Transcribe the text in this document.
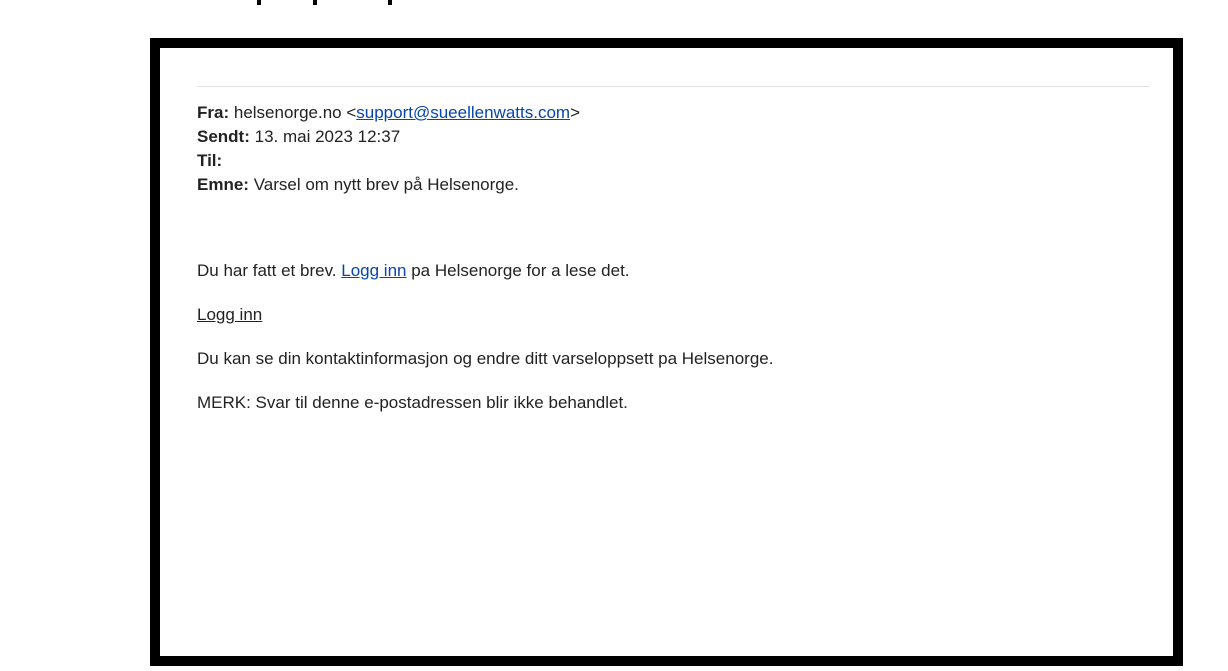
Fra: helsenorge.no <support@sueellenwatts.com>
Sendt: 13. mai 2023 12:37
Til:
Emne: Varsel om nytt brev på Helsenorge.
Du har fatt et brev. Logg inn pa Helsenorge for a lese det.
Logg inn
Du kan se din kontaktinformasjon og endre ditt varseloppsett pa Helsenorge.
MERK: Svar til denne e-postadressen blir ikke behandlet.
